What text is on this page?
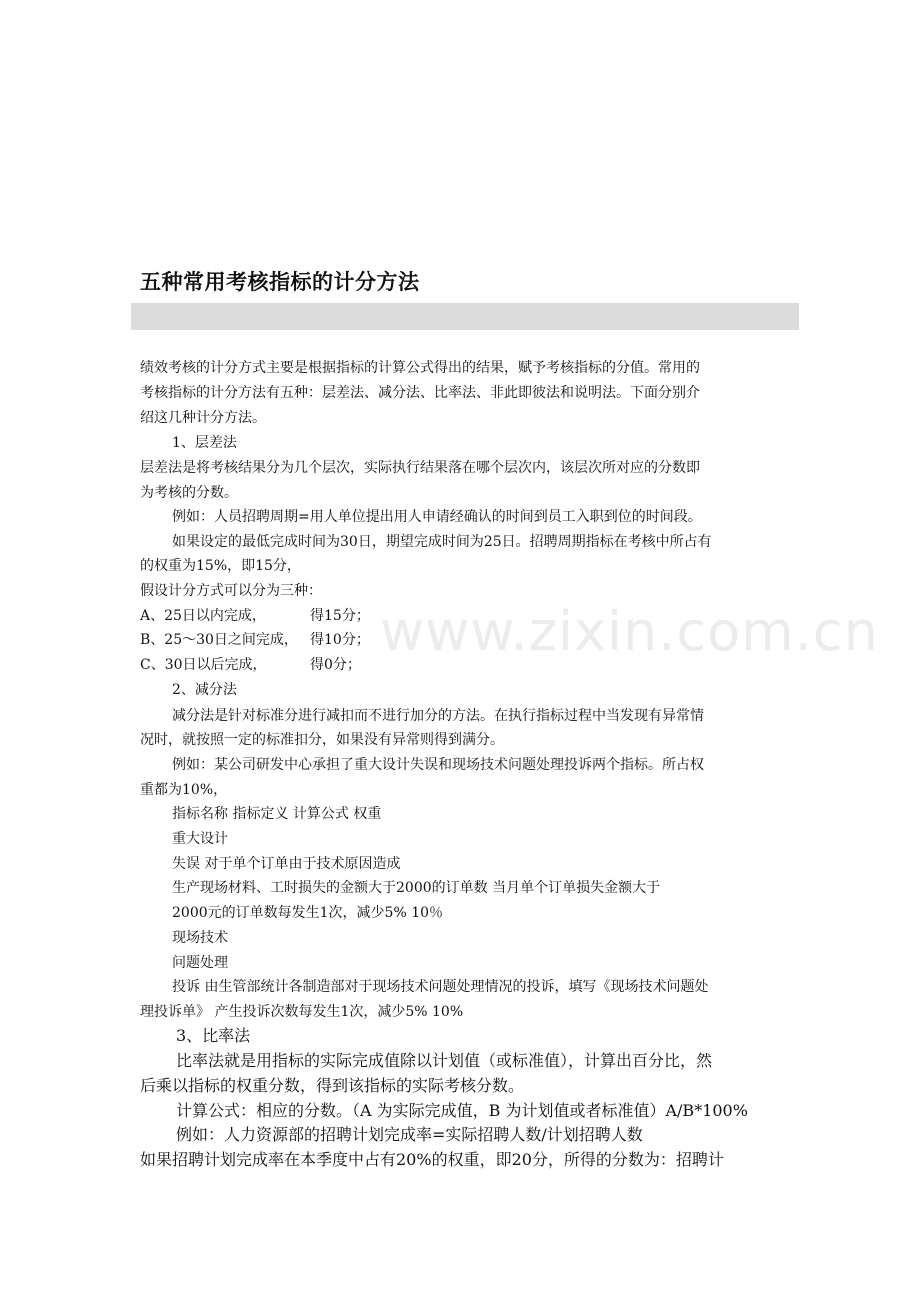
五种常用考核指标的计分方法
www.zixin.com.cn
绩效考核的计分方式主要是根据指标的计算公式得出的结果，赋予考核指标的分值。常用的
考核指标的计分方法有五种：层差法、减分法、比率法、非此即彼法和说明法。下面分别介
绍这几种计分方法。
1、层差法
层差法是将考核结果分为几个层次，实际执行结果落在哪个层次内，该层次所对应的分数即
为考核的分数。
例如：人员招聘周期=用人单位提出用人申请经确认的时间到员工入职到位的时间段。
如果设定的最低完成时间为30日，期望完成时间为25日。招聘周期指标在考核中所占有
的权重为15%，即15分，
假设计分方式可以分为三种：
A、25日以内完成，	得15分；
B、25～30日之间完成， 得10分；
C、30日以后完成，	得0分；
2、减分法
减分法是针对标准分进行减扣而不进行加分的方法。在执行指标过程中当发现有异常情
况时，就按照一定的标准扣分，如果没有异常则得到满分。
例如：某公司研发中心承担了重大设计失误和现场技术问题处理投诉两个指标。所占权
重都为10%，
指标名称 指标定义 计算公式 权重
重大设计
失误 对于单个订单由于技术原因造成
生产现场材料、工时损失的金额大于2000的订单数 当月单个订单损失金额大于
2000元的订单数每发生1次，减少5% 10％
现场技术
问题处理
投诉 由生管部统计各制造部对于现场技术问题处理情况的投诉，填写《现场技术问题处
理投诉单》 产生投诉次数每发生1次，减少5% 10%
3、比率法
比率法就是用指标的实际完成值除以计划值（或标准值），计算出百分比，然
后乘以指标的权重分数，得到该指标的实际考核分数。
计算公式：相应的分数。（A 为实际完成值，B 为计划值或者标准值）A/B*100%
例如：人力资源部的招聘计划完成率=实际招聘人数/计划招聘人数
如果招聘计划完成率在本季度中占有20%的权重，即20分，所得的分数为：招聘计
